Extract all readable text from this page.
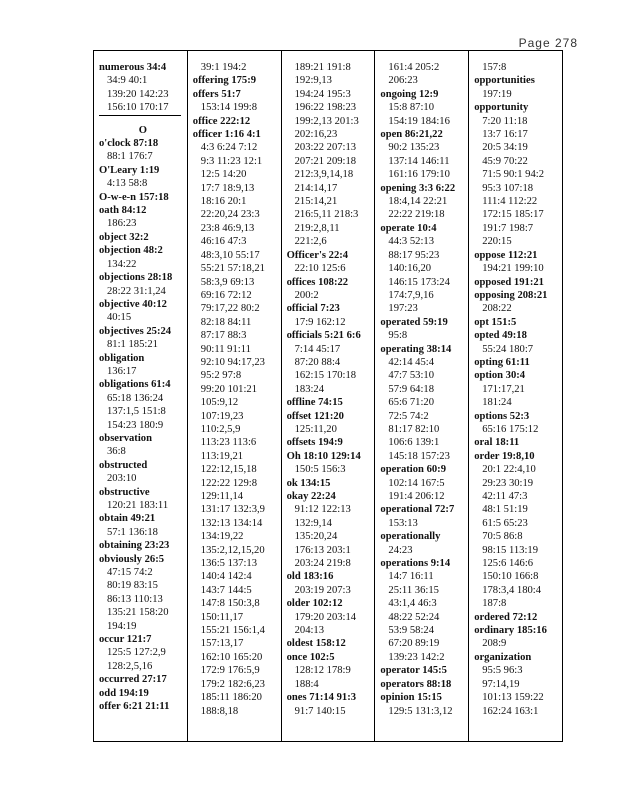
Page 278
numerous 34:4
34:9 40:1
139:20 142:23
156:10 170:17
O
o'clock 87:18
88:1 176:7
O'Leary 1:19
4:13 58:8
O-w-e-n 157:18
oath 84:12
186:23
object 32:2
objection 48:2
134:22
objections 28:18
28:22 31:1,24
objective 40:12
40:15
objectives 25:24
81:1 185:21
obligation
136:17
obligations 61:4
65:18 136:24
137:1,5 151:8
154:23 180:9
observation
36:8
obstructed
203:10
obstructive
120:21 183:11
obtain 49:21
57:1 136:18
obtaining 23:23
obviously 26:5
47:15 74:2
80:19 83:15
86:13 110:13
135:21 158:20
194:19
occur 121:7
125:5 127:2,9
128:2,5,16
occurred 27:17
odd 194:19
offer 6:21 21:11
39:1 194:2
offering 175:9
offers 51:7
153:14 199:8
office 222:12
officer 1:16 4:1
4:3 6:24 7:12
9:3 11:23 12:1
12:5 14:20
17:7 18:9,13
18:16 20:1
22:20,24 23:3
23:8 46:9,13
46:16 47:3
48:3,10 55:17
55:21 57:18,21
58:3,9 69:13
69:16 72:12
79:17,22 80:2
82:18 84:11
87:17 88:3
90:11 91:11
92:10 94:17,23
95:2 97:8
99:20 101:21
105:9,12
107:19,23
110:2,5,9
113:23 113:6
113:19,21
122:12,15,18
122:22 129:8
129:11,14
131:17 132:3,9
132:13 134:14
134:19,22
135:2,12,15,20
136:5 137:13
140:4 142:4
143:7 144:5
147:8 150:3,8
150:11,17
155:21 156:1,4
157:13,17
162:10 165:20
172:9 176:5,9
179:2 182:6,23
185:11 186:20
188:8,18
189:21 191:8
192:9,13
194:24 195:3
196:22 198:23
199:2,13 201:3
202:16,23
203:22 207:13
207:21 209:18
212:3,9,14,18
214:14,17
215:14,21
216:5,11 218:3
219:2,8,11
221:2,6
Officer's 22:4
22:10 125:6
offices 108:22
200:2
official 7:23
17:9 162:12
officials 5:21 6:6
7:14 45:17
87:20 88:4
162:15 170:18
183:24
offline 74:15
offset 121:20
125:11,20
offsets 194:9
Oh 18:10 129:14
150:5 156:3
ok 134:15
okay 22:24
91:12 122:13
132:9,14
135:20,24
176:13 203:1
203:24 219:8
old 183:16
203:19 207:3
older 102:12
179:20 203:14
204:13
oldest 158:12
once 102:5
128:12 178:9
188:4
ones 71:14 91:3
91:7 140:15
161:4 205:2
206:23
ongoing 12:9
15:8 87:10
154:19 184:16
open 86:21,22
90:2 135:23
137:14 146:11
161:16 179:10
opening 3:3 6:22
18:4,14 22:21
22:22 219:18
operate 10:4
44:3 52:13
88:17 95:23
140:16,20
146:15 173:24
174:7,9,16
197:23
operated 59:19
95:8
operating 38:14
42:14 45:4
47:7 53:10
57:9 64:18
65:6 71:20
72:5 74:2
81:17 82:10
106:6 139:1
145:18 157:23
operation 60:9
102:14 167:5
191:4 206:12
operational 72:7
153:13
operationally
24:23
operations 9:14
14:7 16:11
25:11 36:15
43:1,4 46:3
48:22 52:24
53:9 58:24
67:20 89:19
139:23 142:2
operator 145:5
operators 88:18
opinion 15:15
129:5 131:3,12
157:8
opportunities
197:19
opportunity
7:20 11:18
13:7 16:17
20:5 34:19
45:9 70:22
71:5 90:1 94:2
95:3 107:18
111:4 112:22
172:15 185:17
191:7 198:7
220:15
oppose 112:21
194:21 199:10
opposed 191:21
opposing 208:21
208:22
opt 151:5
opted 49:18
55:24 180:7
opting 61:11
option 30:4
171:17,21
181:24
options 52:3
65:16 175:12
oral 18:11
order 19:8,10
20:1 22:4,10
29:23 30:19
42:11 47:3
48:1 51:19
61:5 65:23
70:5 86:8
98:15 113:19
125:6 146:6
150:10 166:8
178:3,4 180:4
187:8
ordered 72:12
ordinary 185:16
208:9
organization
95:5 96:3
97:14,19
101:13 159:22
162:24 163:1
